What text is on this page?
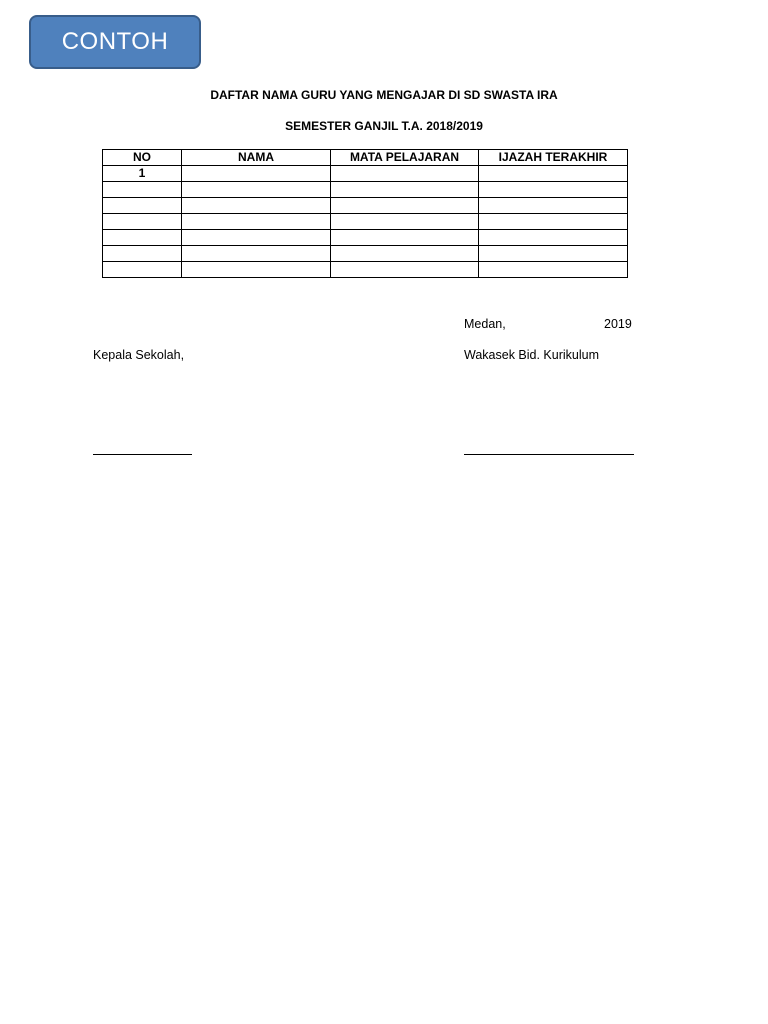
CONTOH
DAFTAR NAMA GURU YANG MENGAJAR DI SD SWASTA IRA
SEMESTER GANJIL T.A. 2018/2019
NO	NAMA	MATA PELAJARAN	IJAZAH TERAKHIR
1			

Medan,	2019
Kepala Sekolah,	Wakasek Bid. Kurikulum
